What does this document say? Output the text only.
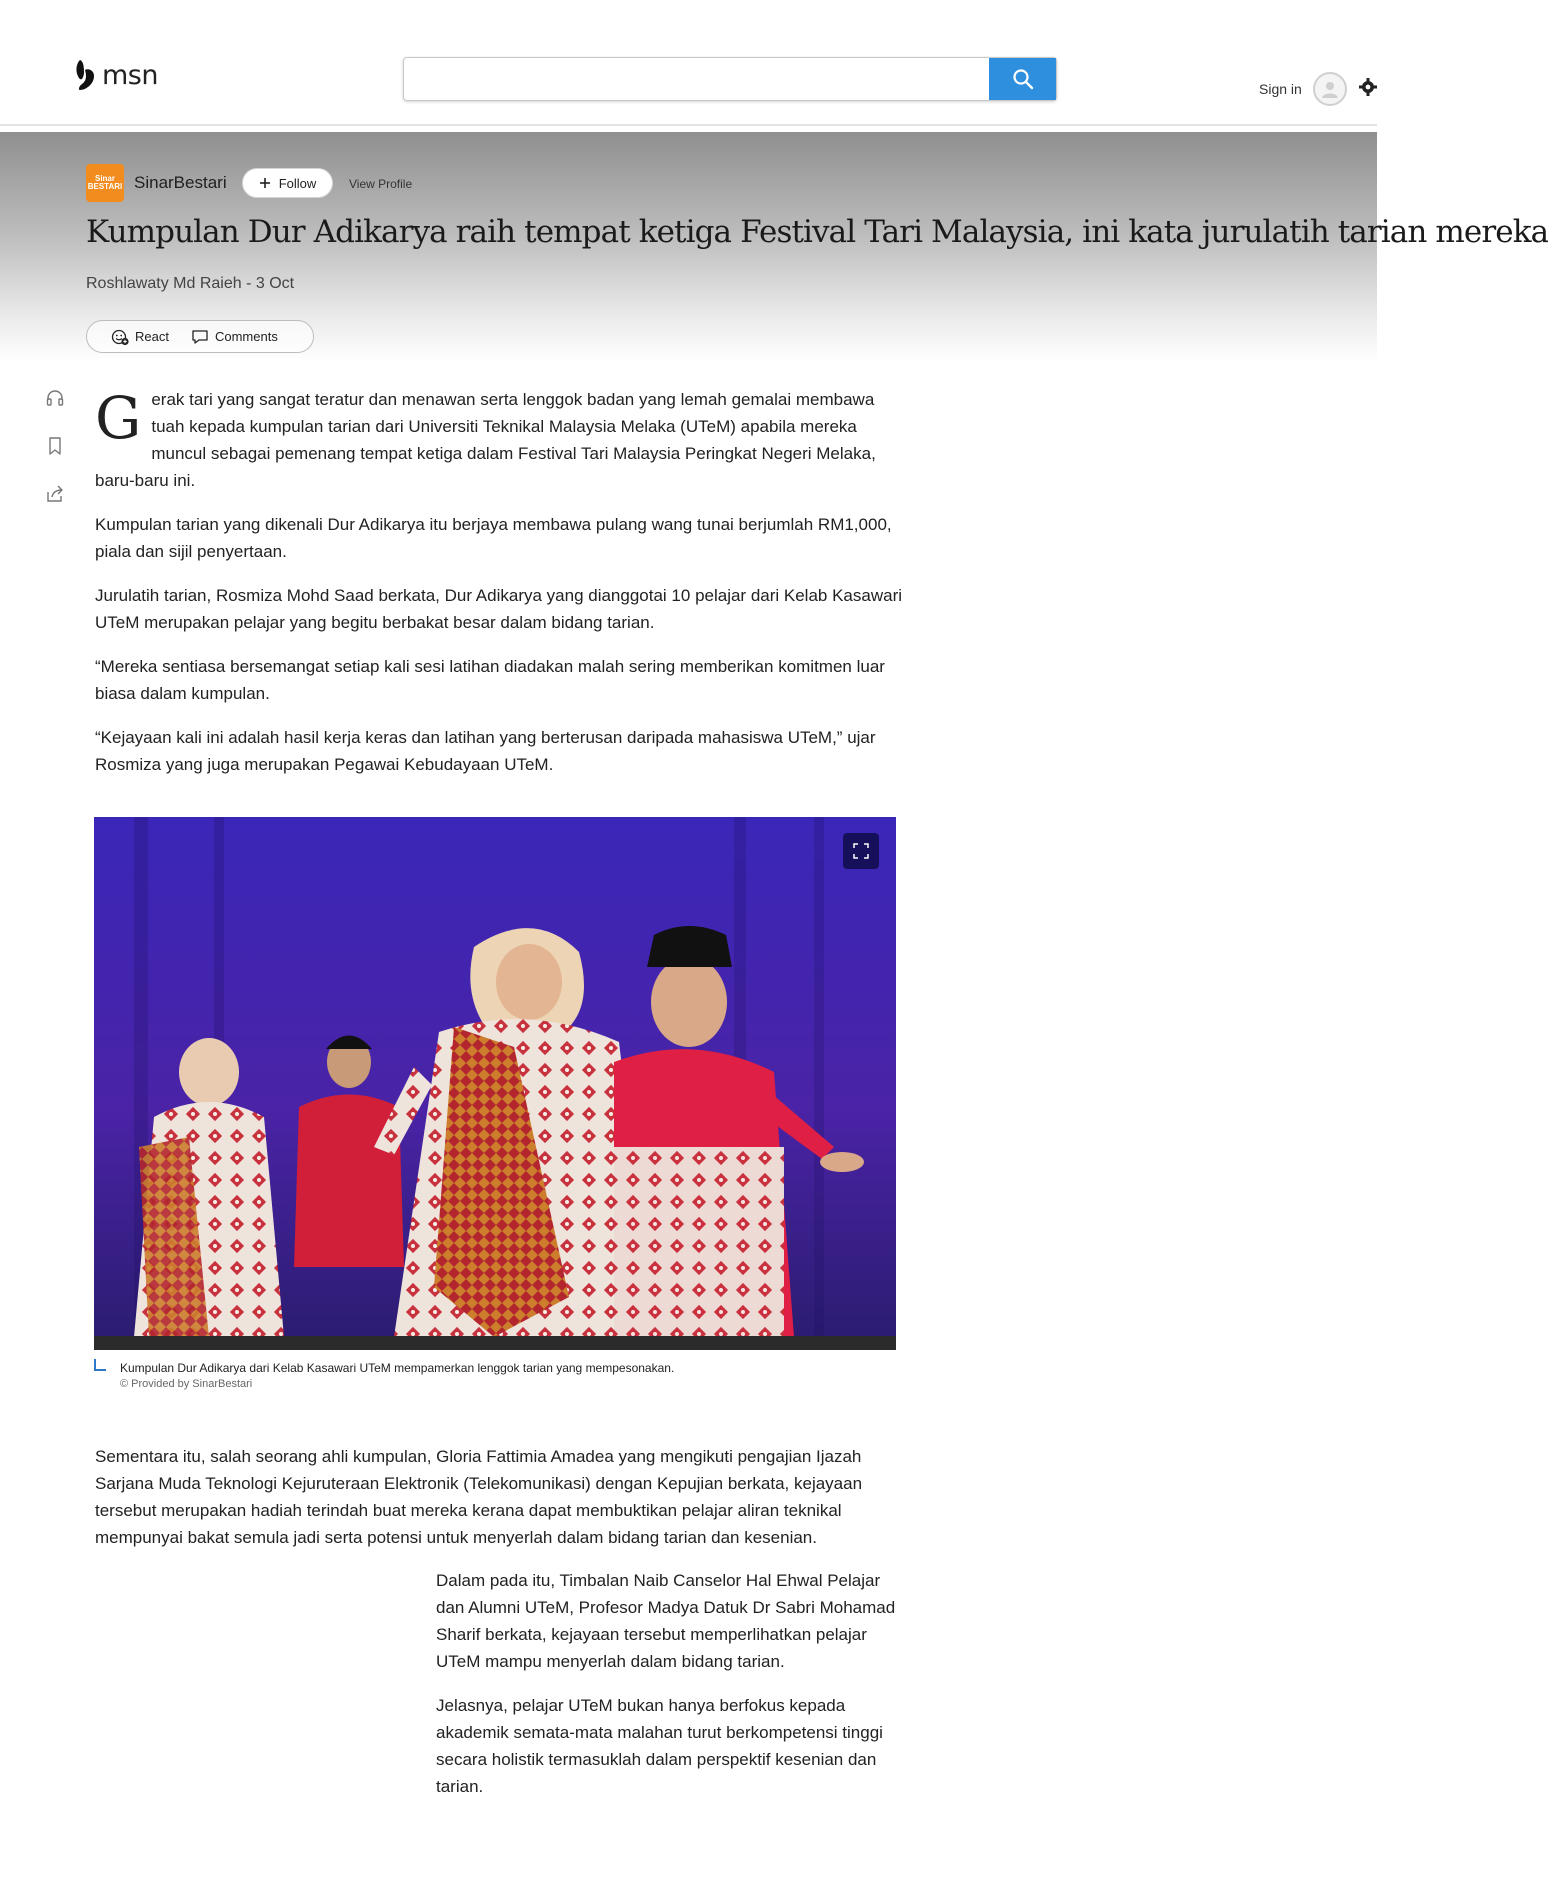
msn	Sign in
Sinar BESTARI SinarBestari	Follow	View Profile
Kumpulan Dur Adikarya raih tempat ketiga Festival Tari Malaysia, ini kata jurulatih tarian mereka
Roshlawaty Md Raieh - 3 Oct
React	Comments
G erak tari yang sangat teratur dan menawan serta lenggok badan yang lemah gemalai membawa tuah kepada kumpulan tarian dari Universiti Teknikal Malaysia Melaka (UTeM) apabila mereka muncul sebagai pemenang tempat ketiga dalam Festival Tari Malaysia Peringkat Negeri Melaka, baru-baru ini.

Kumpulan tarian yang dikenali Dur Adikarya itu berjaya membawa pulang wang tunai berjumlah RM1,000, piala dan sijil penyertaan.

Jurulatih tarian, Rosmiza Mohd Saad berkata, Dur Adikarya yang dianggotai 10 pelajar dari Kelab Kasawari UTeM merupakan pelajar yang begitu berbakat besar dalam bidang tarian.

“Mereka sentiasa bersemangat setiap kali sesi latihan diadakan malah sering memberikan komitmen luar biasa dalam kumpulan.

“Kejayaan kali ini adalah hasil kerja keras dan latihan yang berterusan daripada mahasiswa UTeM,” ujar Rosmiza yang juga merupakan Pegawai Kebudayaan UTeM.

Kumpulan Dur Adikarya dari Kelab Kasawari UTeM mempamerkan lenggok tarian yang mempesonakan.
© Provided by SinarBestari

Sementara itu, salah seorang ahli kumpulan, Gloria Fattimia Amadea yang mengikuti pengajian Ijazah Sarjana Muda Teknologi Kejuruteraan Elektronik (Telekomunikasi) dengan Kepujian berkata, kejayaan tersebut merupakan hadiah terindah buat mereka kerana dapat membuktikan pelajar aliran teknikal mempunyai bakat semula jadi serta potensi untuk menyerlah dalam bidang tarian dan kesenian.

Dalam pada itu, Timbalan Naib Canselor Hal Ehwal Pelajar dan Alumni UTeM, Profesor Madya Datuk Dr Sabri Mohamad Sharif berkata, kejayaan tersebut memperlihatkan pelajar UTeM mampu menyerlah dalam bidang tarian.

Jelasnya, pelajar UTeM bukan hanya berfokus kepada akademik semata-mata malahan turut berkompetensi tinggi secara holistik termasuklah dalam perspektif kesenian dan tarian.
